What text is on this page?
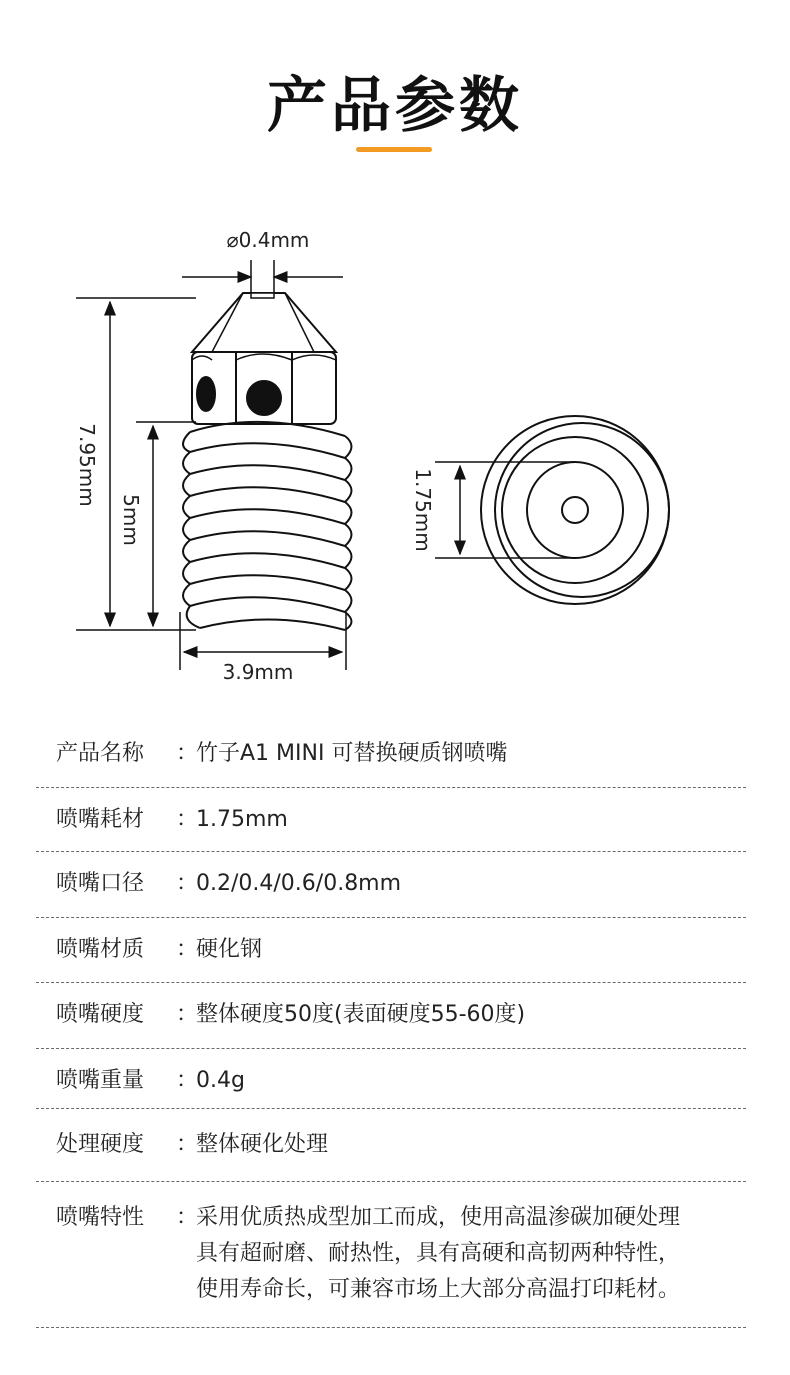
产品参数
⌀0.4mm
7.95mm
5mm
3.9mm
1.75mm
产品名称	：
竹子A1 MINI 可替换硬质钢喷嘴
喷嘴耗材	：
1.75mm
喷嘴口径	：
0.2/0.4/0.6/0.8mm
喷嘴材质	：
硬化钢
喷嘴硬度	：
整体硬度50度(表面硬度55-60度)
喷嘴重量	：
0.4g
处理硬度	：
整体硬化处理
喷嘴特性	：
采用优质热成型加工而成，使用高温渗碳加硬处理
具有超耐磨、耐热性，具有高硬和高韧两种特性，
使用寿命长，可兼容市场上大部分高温打印耗材。
